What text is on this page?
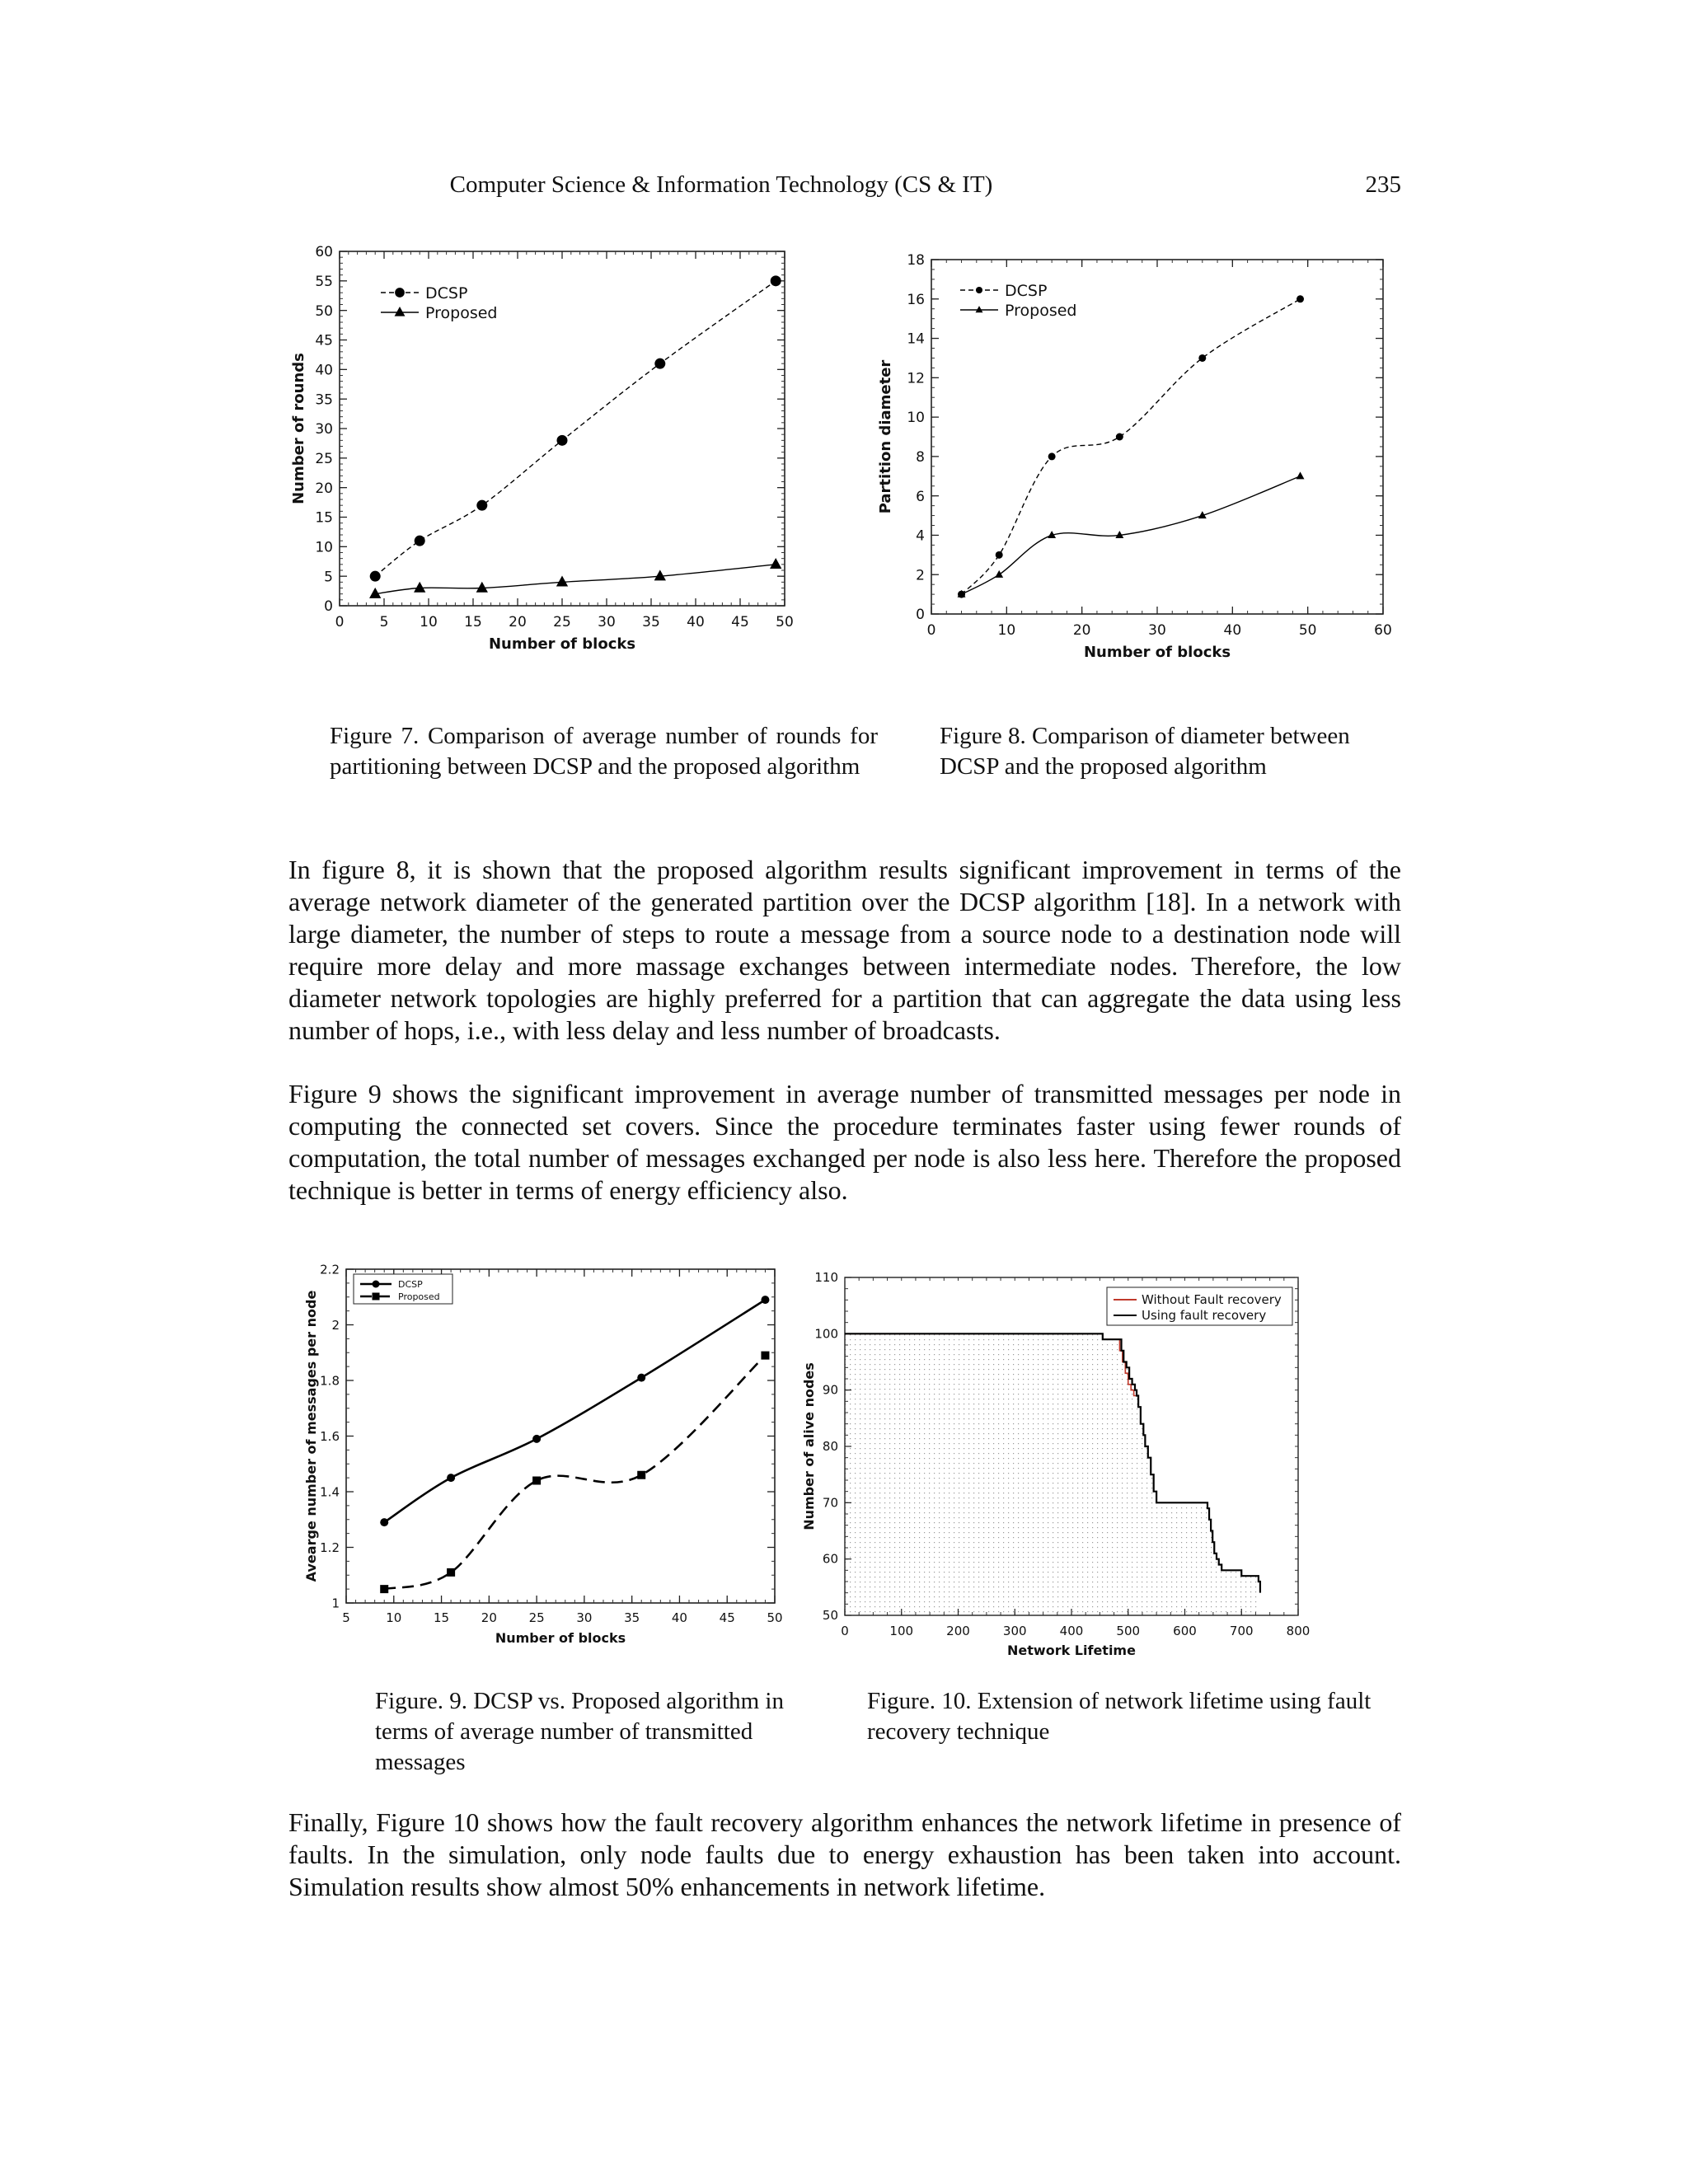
Computer Science & Information Technology (CS & IT)	235
0	5 10 15 20 25 30 35 40 45 50
0
5
10
15
20
25
30
35
40
45
50
55
60
Number of blocks
Number of rounds
DCSP
Proposed
Figure 7. Comparison of average number of rounds for partitioning between DCSP and the proposed algorithm
0	10	20	30	40	50	60
0
2
4
6
8
10
12
14
16
18
Number of blocks
Partition diameter
DCSP
Proposed
Figure 8. Comparison of diameter between DCSP and the proposed algorithm

In figure 8, it is shown that the proposed algorithm results significant improvement in terms of the average network diameter of the generated partition over the DCSP algorithm [18]. In a network with large diameter, the number of steps to route a message from a source node to a destination node will require more delay and more massage exchanges between intermediate nodes. Therefore, the low diameter network topologies are highly preferred for a partition that can aggregate the data using less number of hops, i.e., with less delay and less number of broadcasts.

Figure 9 shows the significant improvement in average number of transmitted messages per node in computing the connected set covers. Since the procedure terminates faster using fewer rounds of computation, the total number of messages exchanged per node is also less here. Therefore the proposed technique is better in terms of energy efficiency also.

5	10	15	20	25	30	35	40	45	50
1
1.2
1.4
1.6
1.8
2
2.2
Number of blocks
Avearge number of messages per node
DCSP
Proposed
Figure. 9. DCSP vs. Proposed algorithm in terms of average number of transmitted messages
0	100	200	300	400	500	600	700	800
50
60
70
80
90
100
110
Network Lifetime
Number of alive nodes
Without Fault recovery
Using fault recovery
Figure. 10. Extension of network lifetime using fault recovery technique

Finally, Figure 10 shows how the fault recovery algorithm enhances the network lifetime in presence of faults. In the simulation, only node faults due to energy exhaustion has been taken into account. Simulation results show almost 50% enhancements in network lifetime.
